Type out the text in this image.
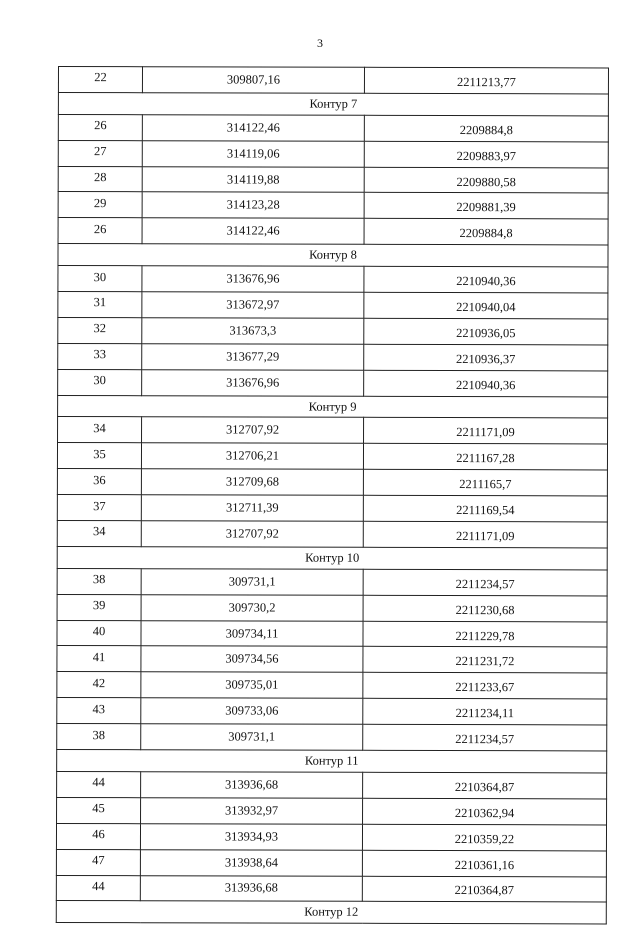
3
22	309807,16	2211213,77
Контур 7		
26	314122,46	2209884,8
27	314119,06	2209883,97
28	314119,88	2209880,58
29	314123,28	2209881,39
26	314122,46	2209884,8
Контур 8		
30	313676,96	2210940,36
31	313672,97	2210940,04
32	313673,3	2210936,05
33	313677,29	2210936,37
30	313676,96	2210940,36
Контур 9		
34	312707,92	2211171,09
35	312706,21	2211167,28
36	312709,68	2211165,7
37	312711,39	2211169,54
34	312707,92	2211171,09
Контур 10		
38	309731,1	2211234,57
39	309730,2	2211230,68
40	309734,11	2211229,78
41	309734,56	2211231,72
42	309735,01	2211233,67
43	309733,06	2211234,11
38	309731,1	2211234,57
Контур 11		
44	313936,68	2210364,87
45	313932,97	2210362,94
46	313934,93	2210359,22
47	313938,64	2210361,16
44	313936,68	2210364,87
Контур 12		
